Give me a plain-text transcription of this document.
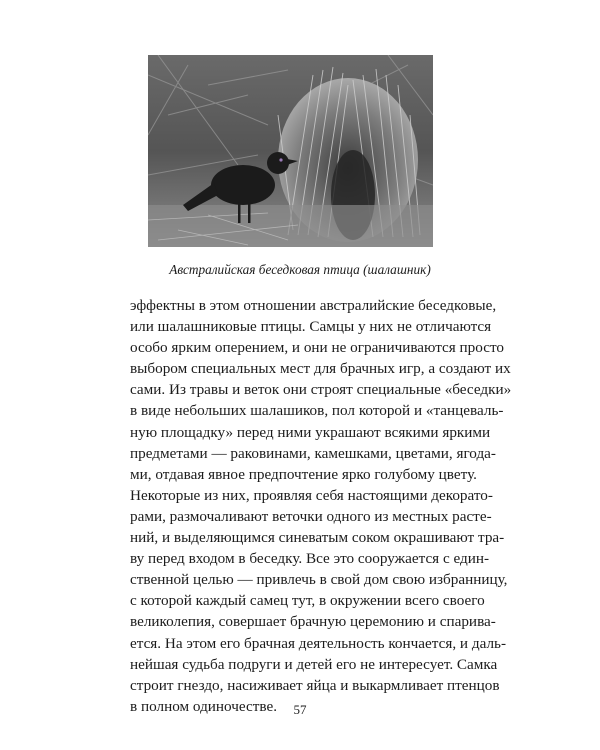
Австралийская беседковая птица (шалашник)
эффектны в этом отношении австралийские беседковые,
или шалашниковые птицы. Самцы у них не отличаются
особо ярким оперением, и они не ограничиваются просто
выбором специальных мест для брачных игр, а создают их
сами. Из травы и веток они строят специальные «беседки»
в виде небольших шалашиков, пол которой и «танцеваль-
ную площадку» перед ними украшают всякими яркими
предметами — раковинами, камешками, цветами, ягода-
ми, отдавая явное предпочтение ярко голубому цвету.
Некоторые из них, проявляя себя настоящими декорато-
рами, размочаливают веточки одного из местных расте-
ний, и выделяющимся синеватым соком окрашивают тра-
ву перед входом в беседку. Все это сооружается с един-
ственной целью — привлечь в свой дом свою избранницу,
с которой каждый самец тут, в окружении всего своего
великолепия, совершает брачную церемонию и спарива-
ется. На этом его брачная деятельность кончается, и даль-
нейшая судьба подруги и детей его не интересует. Самка
строит гнездо, насиживает яйца и выкармливает птенцов
в полном одиночестве.	57
